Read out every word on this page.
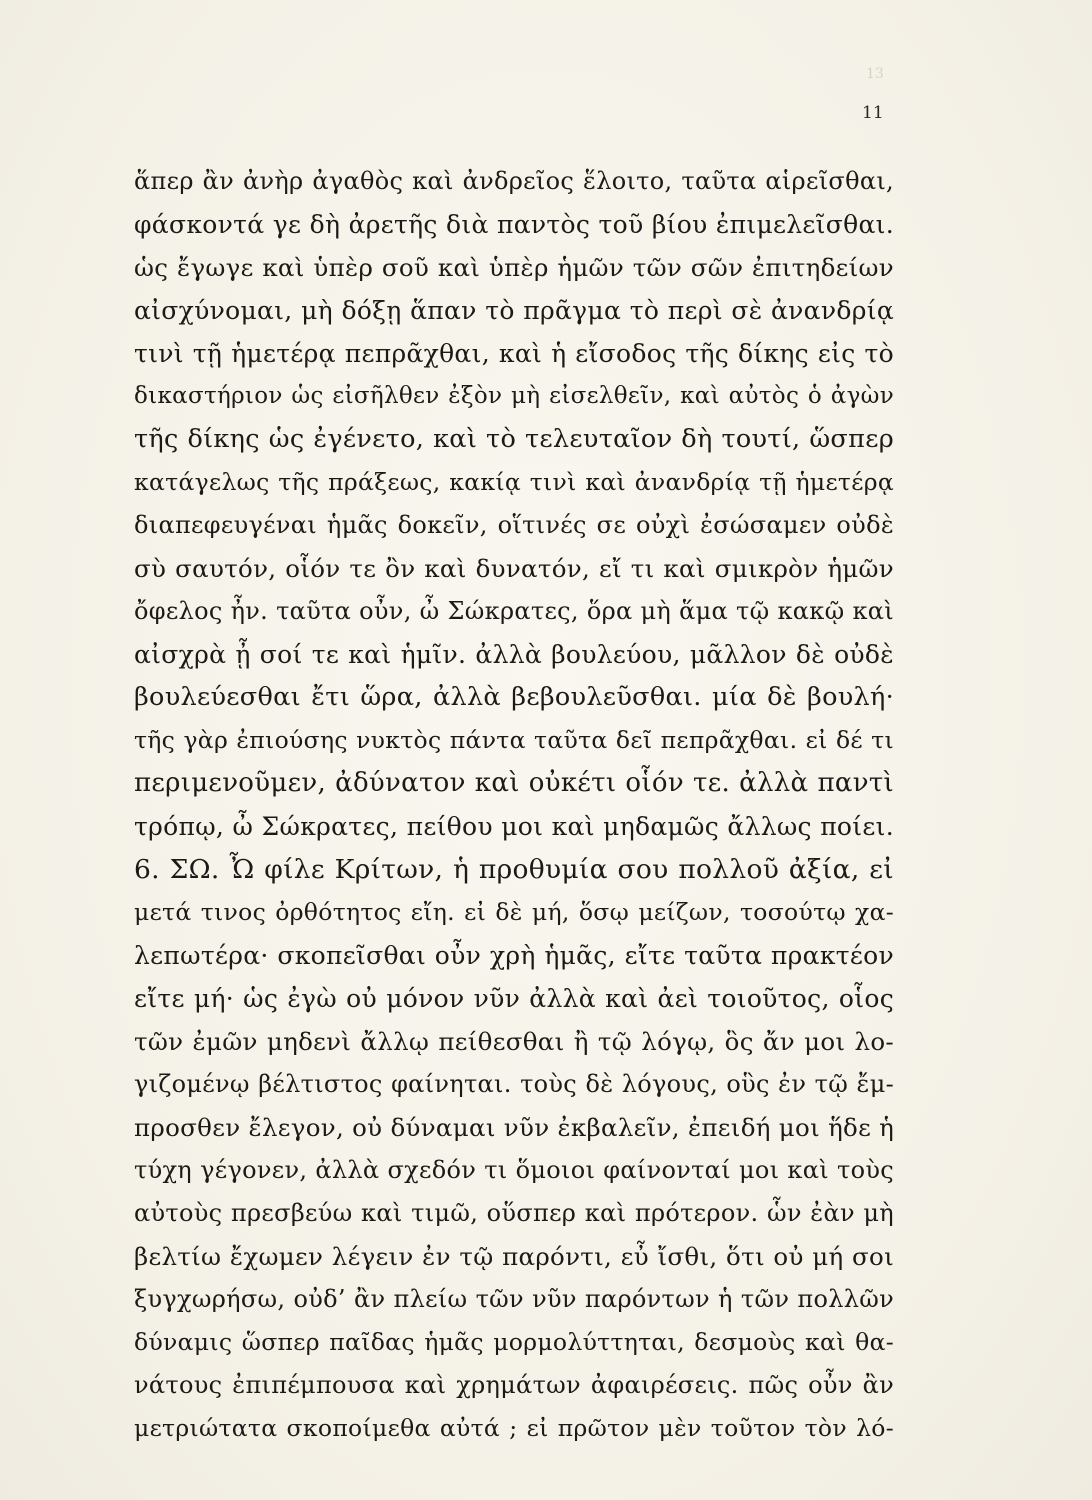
13
11
ἅπερ ἂν ἀνὴρ ἀγαθὸς καὶ ἀνδρεῖος ἕλοιτο, ταῦτα αἱρεῖσθαι,
φάσκοντά γε δὴ ἀρετῆς διὰ παντὸς τοῦ βίου ἐπιμελεῖσθαι.
ὡς ἔγωγε καὶ ὑπὲρ σοῦ καὶ ὑπὲρ ἡμῶν τῶν σῶν ἐπιτηδείων
αἰσχύνομαι, μὴ δόξῃ ἅπαν τὸ πρᾶγμα τὸ περὶ σὲ ἀνανδρίᾳ
τινὶ τῇ ἡμετέρᾳ πεπρᾶχθαι, καὶ ἡ εἴσοδος τῆς δίκης εἰς τὸ
δικαστήριον ὡς εἰσῆλθεν ἐξὸν μὴ εἰσελθεῖν, καὶ αὐτὸς ὁ ἀγὼν
τῆς δίκης ὡς ἐγένετο, καὶ τὸ τελευταῖον δὴ τουτί, ὥσπερ
κατάγελως τῆς πράξεως, κακίᾳ τινὶ καὶ ἀνανδρίᾳ τῇ ἡμετέρᾳ
διαπεφευγέναι ἡμᾶς δοκεῖν, οἵτινές σε οὐχὶ ἐσώσαμεν οὐδὲ
σὺ σαυτόν, οἷόν τε ὂν καὶ δυνατόν, εἴ τι καὶ σμικρὸν ἡμῶν
ὄφελος ἦν. ταῦτα οὖν, ὦ Σώκρατες, ὅρα μὴ ἅμα τῷ κακῷ καὶ
αἰσχρὰ ᾖ σοί τε καὶ ἡμῖν. ἀλλὰ βουλεύου, μᾶλλον δὲ οὐδὲ
βουλεύεσθαι ἔτι ὥρα, ἀλλὰ βεβουλεῦσθαι. μία δὲ βουλή·
τῆς γὰρ ἐπιούσης νυκτὸς πάντα ταῦτα δεῖ πεπρᾶχθαι. εἰ δέ τι
περιμενοῦμεν, ἀδύνατον καὶ οὐκέτι οἷόν τε. ἀλλὰ παντὶ
τρόπῳ, ὦ Σώκρατες, πείθου μοι καὶ μηδαμῶς ἄλλως ποίει.
6. ΣΩ. Ὦ φίλε Κρίτων, ἡ προθυμία σου πολλοῦ ἀξία, εἰ
μετά τινος ὀρθότητος εἴη. εἰ δὲ μή, ὅσῳ μείζων, τοσούτῳ χα-
λεπωτέρα· σκοπεῖσθαι οὖν χρὴ ἡμᾶς, εἴτε ταῦτα πρακτέον
εἴτε μή· ὡς ἐγὼ οὐ μόνον νῦν ἀλλὰ καὶ ἀεὶ τοιοῦτος, οἷος
τῶν ἐμῶν μηδενὶ ἄλλῳ πείθεσθαι ἢ τῷ λόγῳ, ὃς ἄν μοι λο-
γιζομένῳ βέλτιστος φαίνηται. τοὺς δὲ λόγους, οὓς ἐν τῷ ἔμ-
προσθεν ἔλεγον, οὐ δύναμαι νῦν ἐκβαλεῖν, ἐπειδή μοι ἥδε ἡ
τύχη γέγονεν, ἀλλὰ σχεδόν τι ὅμοιοι φαίνονταί μοι καὶ τοὺς
αὐτοὺς πρεσβεύω καὶ τιμῶ, οὕσπερ καὶ πρότερον. ὧν ἐὰν μὴ
βελτίω ἔχωμεν λέγειν ἐν τῷ παρόντι, εὖ ἴσθι, ὅτι οὐ μή σοι
ξυγχωρήσω, οὐδ’ ἂν πλείω τῶν νῦν παρόντων ἡ τῶν πολλῶν
δύναμις ὥσπερ παῖδας ἡμᾶς μορμολύττηται, δεσμοὺς καὶ θα-
νάτους ἐπιπέμπουσα καὶ χρημάτων ἀφαιρέσεις. πῶς οὖν ἂν
μετριώτατα σκοποίμεθα αὐτά ; εἰ πρῶτον μὲν τοῦτον τὸν λό-
